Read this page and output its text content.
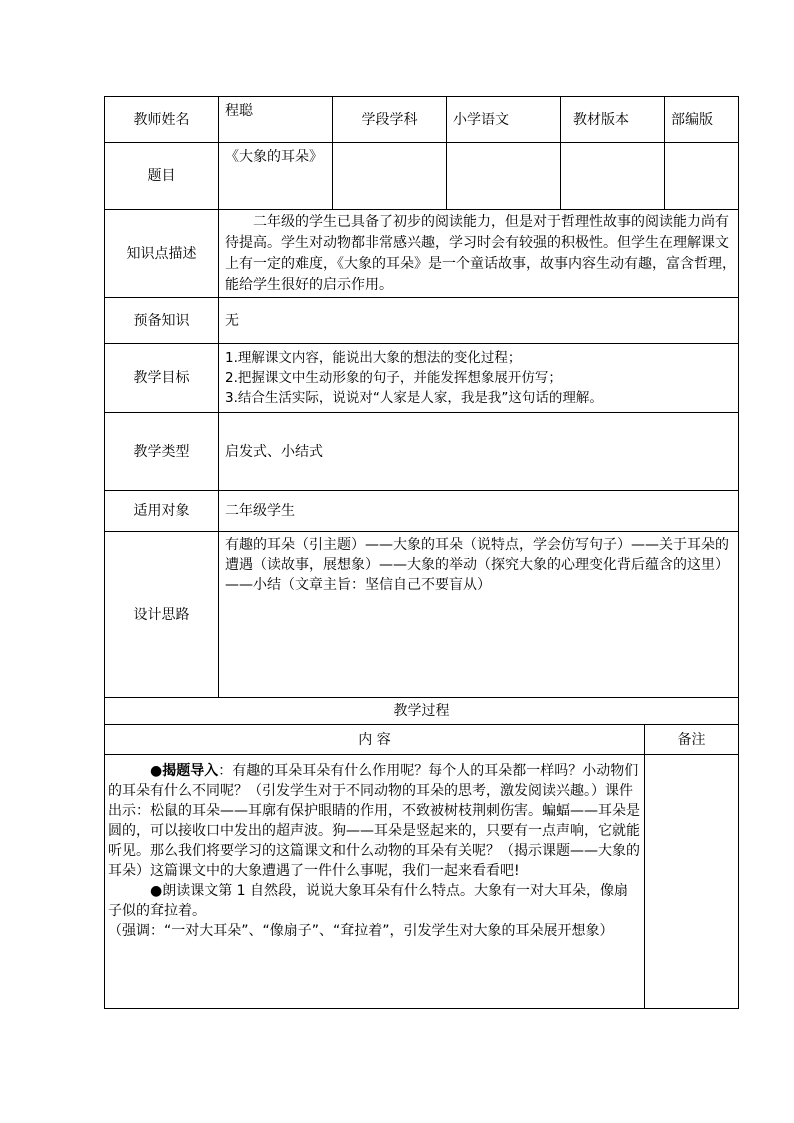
教师姓名	程聪	学段学科	小学语文	教材版本		部编版
题目	《大象的耳朵》					
知识点描述	二年级的学生已具备了初步的阅读能力，但是对于哲理性故事的阅读能力尚有待提高。学生对动物都非常感兴趣，学习时会有较强的积极性。但学生在理解课文上有一定的难度，《大象的耳朵》是一个童话故事，故事内容生动有趣，富含哲理，能给学生很好的启示作用。					
预备知识	无					
教学目标	1.理解课文内容，能说出大象的想法的变化过程；
2.把握课文中生动形象的句子，并能发挥想象展开仿写；
3.结合生活实际，说说对“人家是人家，我是我”这句话的理解。					

教学类型	启发式、小结式					
适用对象	二年级学生					
设计思路	有趣的耳朵（引主题）——大象的耳朵（说特点，学会仿写句子）——关于耳朵的遭遇（读故事，展想象）——大象的举动（探究大象的心理变化背后蕴含的这里）
——小结（文章主旨：坚信自己不要盲从）					

教学过程						
内 容					备注	

●揭题导入：有趣的耳朵耳朵有什么作用呢？每个人的耳朵都一样吗？小动物们的耳朵有什么不同呢？（引发学生对于不同动物的耳朵的思考，激发阅读兴趣。）课件出示：松鼠的耳朵——耳廓有保护眼睛的作用，不致被树枝荆刺伤害。蝙蝠——耳朵是圆的，可以接收口中发出的超声波。狗——耳朵是竖起来的，只要有一点声响，它就能听见。那么我们将要学习的这篇课文和什么动物的耳朵有关呢？（揭示课题——大象的耳朵）这篇课文中的大象遭遇了一件什么事呢，我们一起来看看吧!

●朗读课文第 1 自然段，说说大象耳朵有什么特点。大象有一对大耳朵，像扇子似的耷拉着。

（强调：“一对大耳朵”、“像扇子”、“耷拉着”，引发学生对大象的耳朵展开想象）						
